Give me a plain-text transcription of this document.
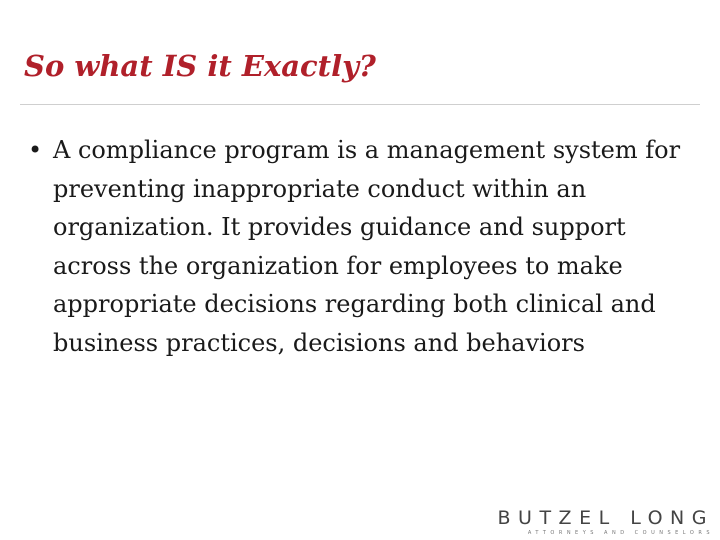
So what IS it Exactly?
• A compliance program is a management system for preventing inappropriate conduct within an organization. It provides guidance and support across the organization for employees to make appropriate decisions regarding both clinical and business practices, decisions and behaviors
BUTZEL LONG
ATTORNEYS AND COUNSELORS
